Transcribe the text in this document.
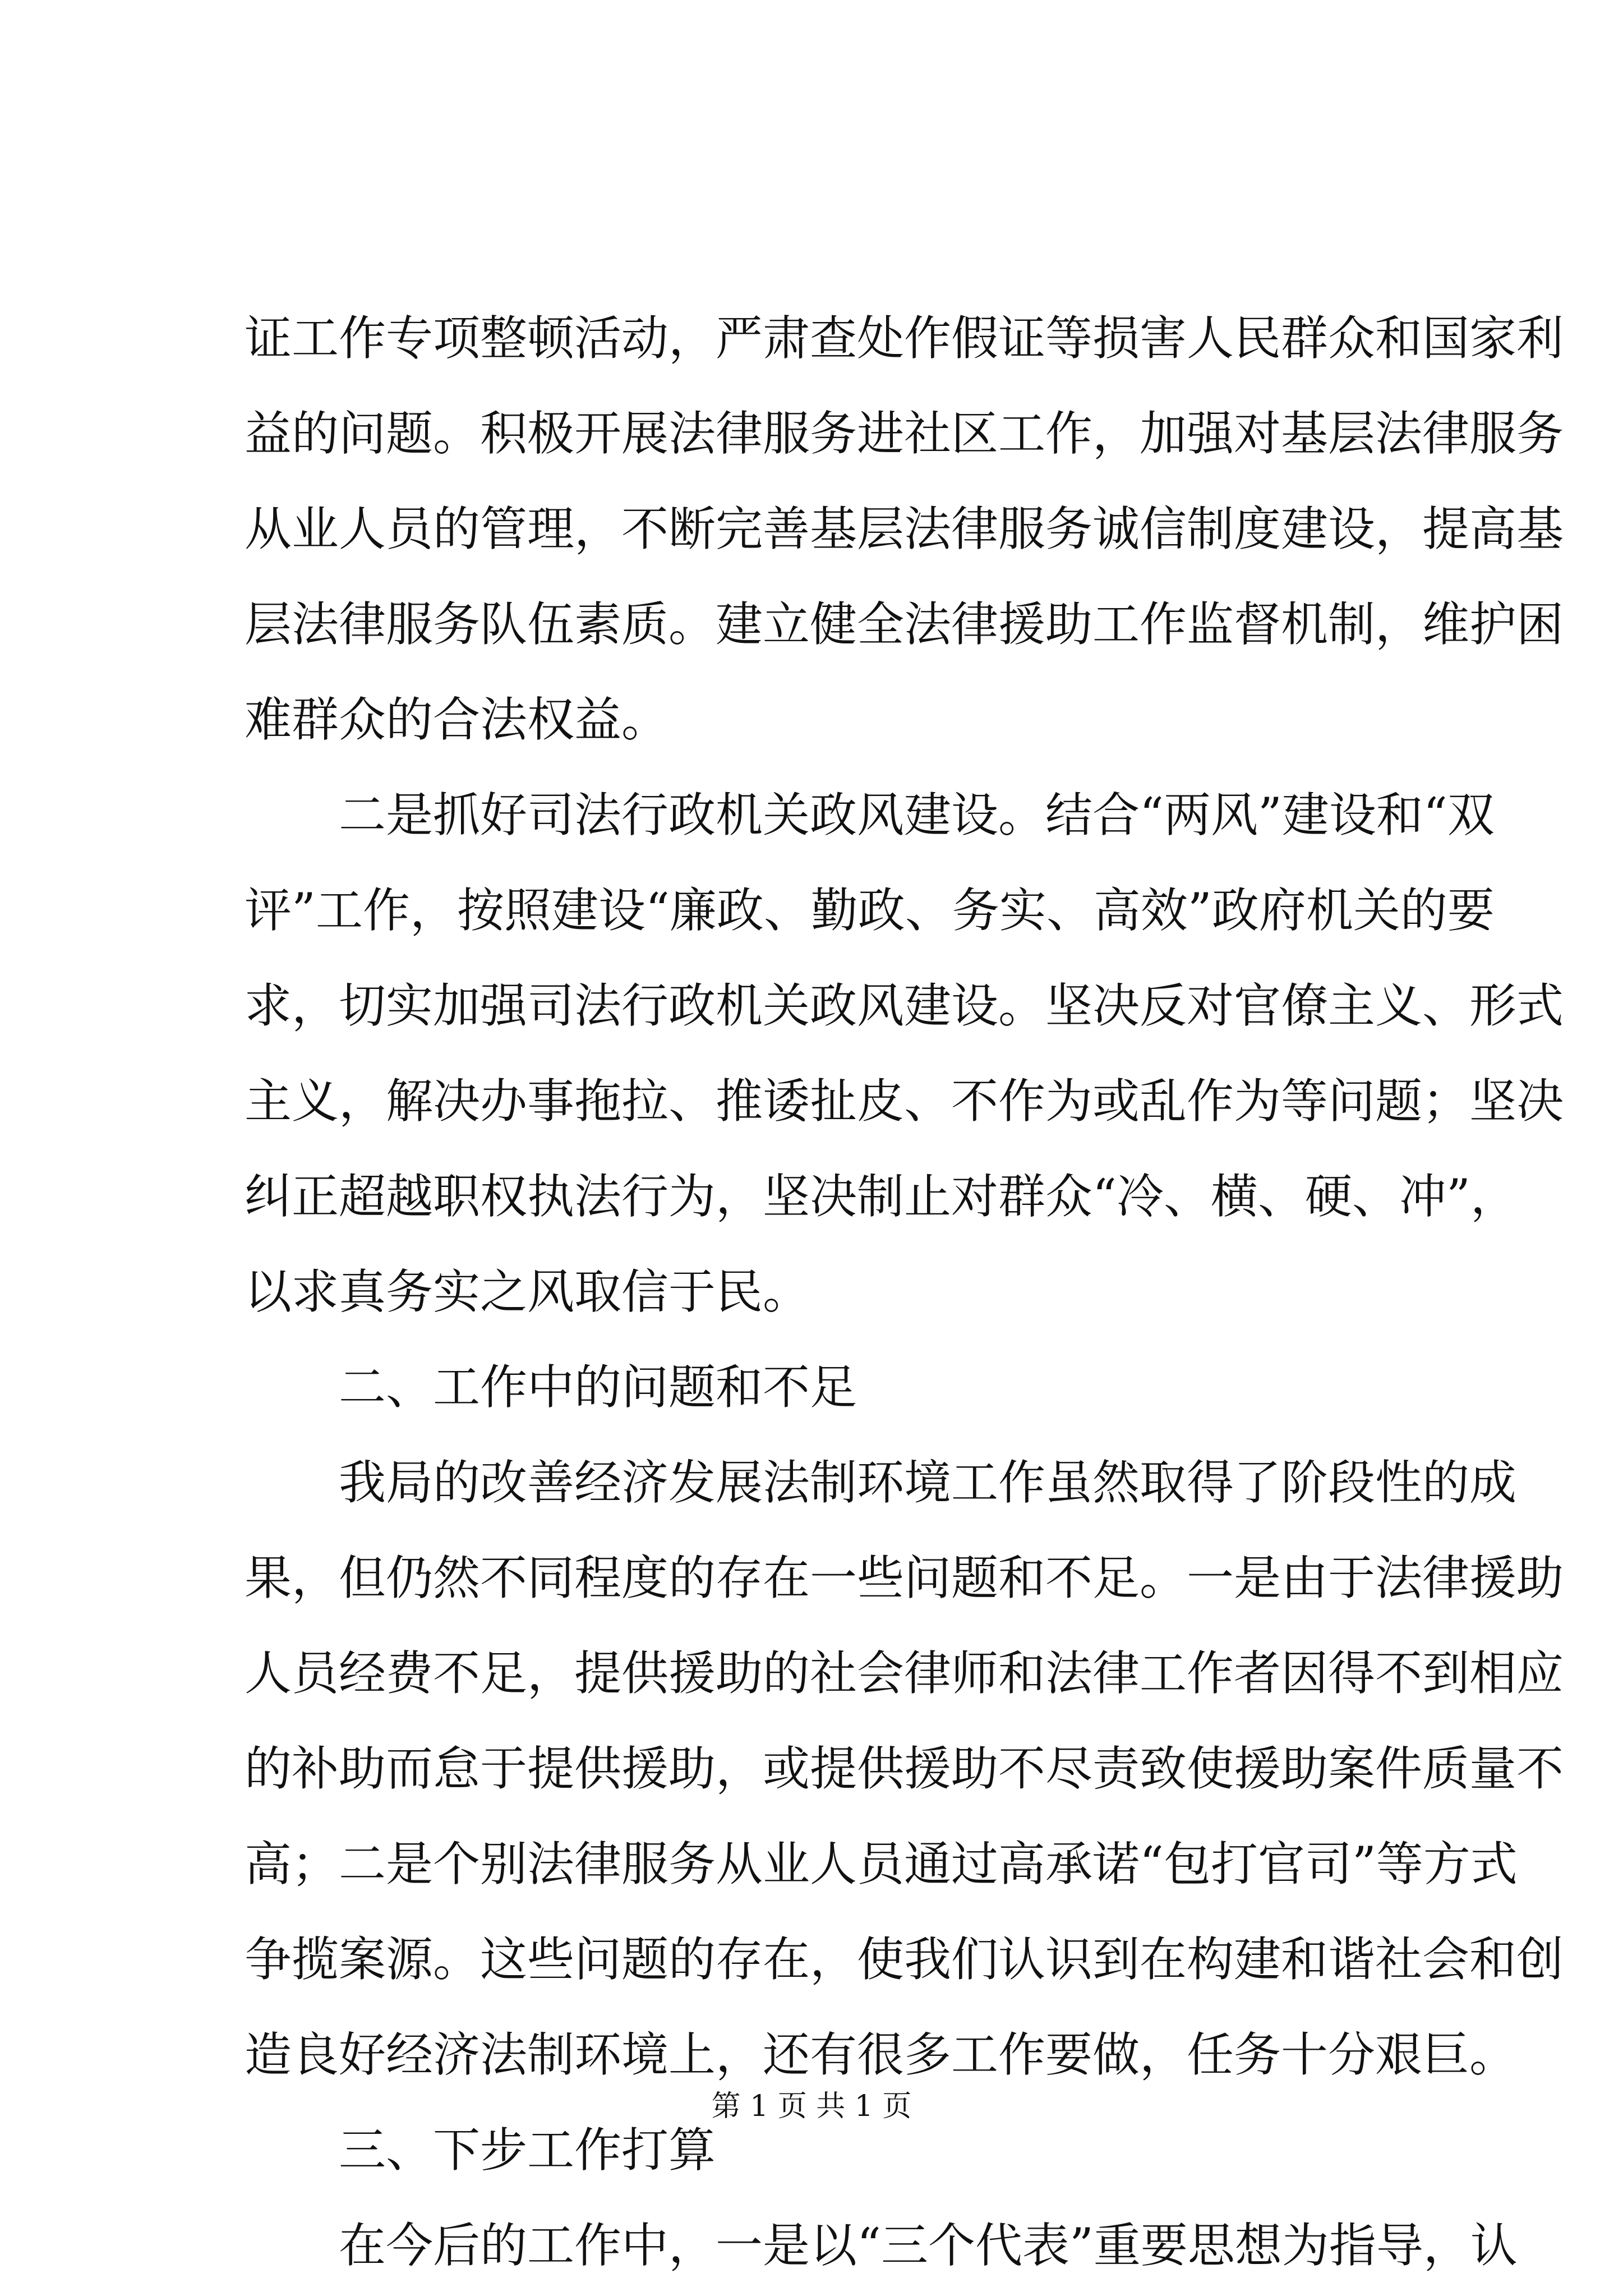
证工作专项整顿活动，严肃查处作假证等损害人民群众和国家利
益的问题。积极开展法律服务进社区工作，加强对基层法律服务
从业人员的管理，不断完善基层法律服务诚信制度建设，提高基
层法律服务队伍素质。建立健全法律援助工作监督机制，维护困
难群众的合法权益。
二是抓好司法行政机关政风建设。结合“两风”建设和“双
评”工作，按照建设“廉政、勤政、务实、高效”政府机关的要
求，切实加强司法行政机关政风建设。坚决反对官僚主义、形式
主义，解决办事拖拉、推诿扯皮、不作为或乱作为等问题；坚决
纠正超越职权执法行为，坚决制止对群众“冷、横、硬、冲”，
以求真务实之风取信于民。
二、工作中的问题和不足
我局的改善经济发展法制环境工作虽然取得了阶段性的成
果，但仍然不同程度的存在一些问题和不足。一是由于法律援助
人员经费不足，提供援助的社会律师和法律工作者因得不到相应
的补助而怠于提供援助，或提供援助不尽责致使援助案件质量不
高；二是个别法律服务从业人员通过高承诺“包打官司”等方式
争揽案源。这些问题的存在，使我们认识到在构建和谐社会和创
造良好经济法制环境上，还有很多工作要做，任务十分艰巨。
三、下步工作打算
在今后的工作中，一是以“三个代表”重要思想为指导，认
第 1 页 共 1 页
